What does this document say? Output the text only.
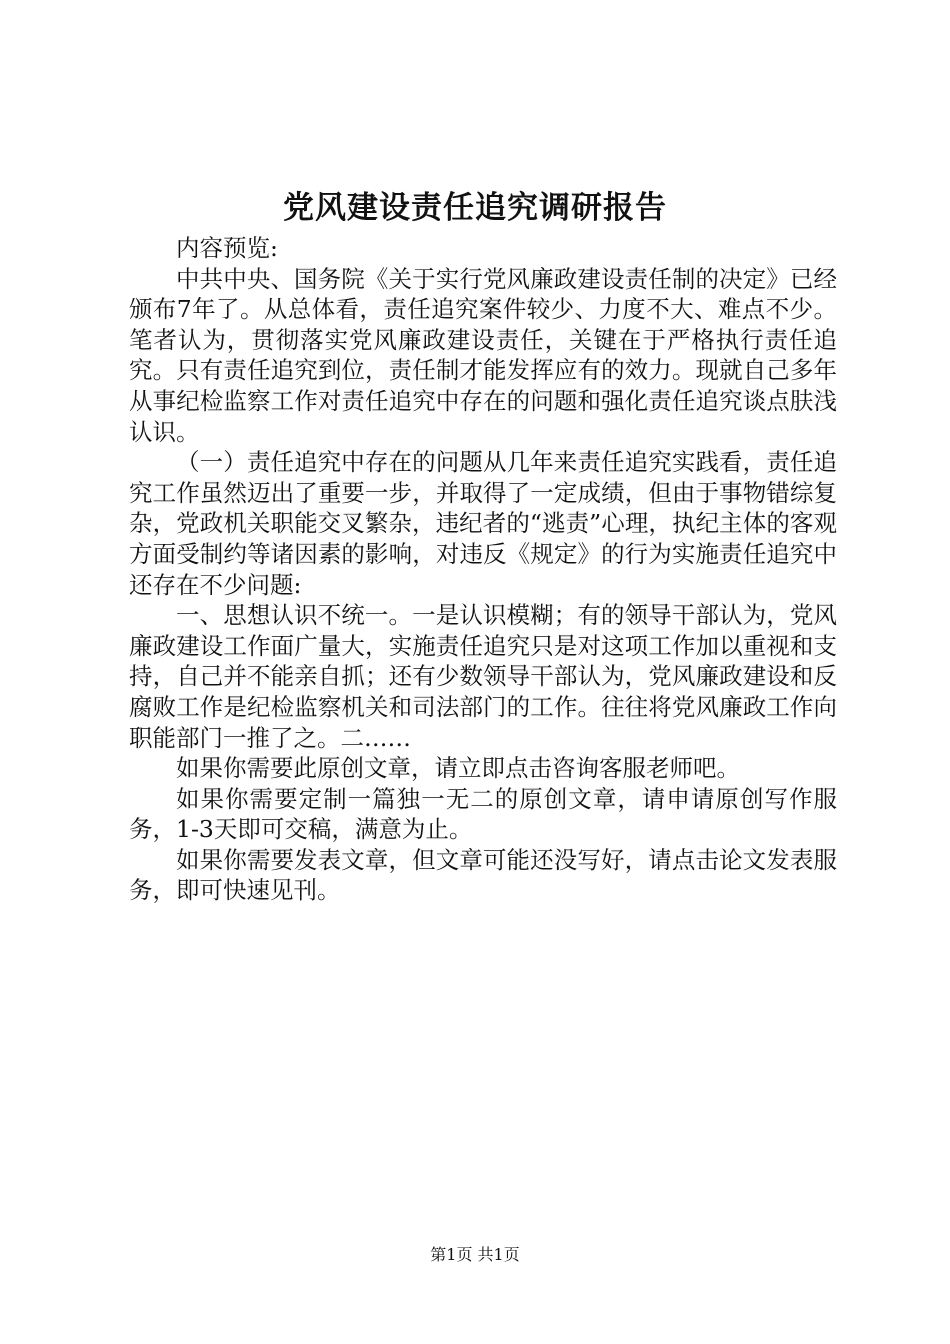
党风建设责任追究调研报告

内容预览:

中共中央、国务院《关于实行党风廉政建设责任制的决定》已经颁布7年了。从总体看，责任追究案件较少、力度不大、难点不少。笔者认为，贯彻落实党风廉政建设责任，关键在于严格执行责任追究。只有责任追究到位，责任制才能发挥应有的效力。现就自己多年从事纪检监察工作对责任追究中存在的问题和强化责任追究谈点肤浅认识。

（一）责任追究中存在的问题从几年来责任追究实践看，责任追究工作虽然迈出了重要一步，并取得了一定成绩，但由于事物错综复杂，党政机关职能交叉繁杂，违纪者的“逃责”心理，执纪主体的客观方面受制约等诸因素的影响，对违反《规定》的行为实施责任追究中还存在不少问题:

一、思想认识不统一。一是认识模糊；有的领导干部认为，党风廉政建设工作面广量大，实施责任追究只是对这项工作加以重视和支持，自己并不能亲自抓；还有少数领导干部认为，党风廉政建设和反腐败工作是纪检监察机关和司法部门的工作。往往将党风廉政工作向职能部门一推了之。二……

如果你需要此原创文章，请立即点击咨询客服老师吧。

如果你需要定制一篇独一无二的原创文章，请申请原创写作服务，1-3天即可交稿，满意为止。

如果你需要发表文章，但文章可能还没写好，请点击论文发表服务，即可快速见刊。

第1页 共1页
